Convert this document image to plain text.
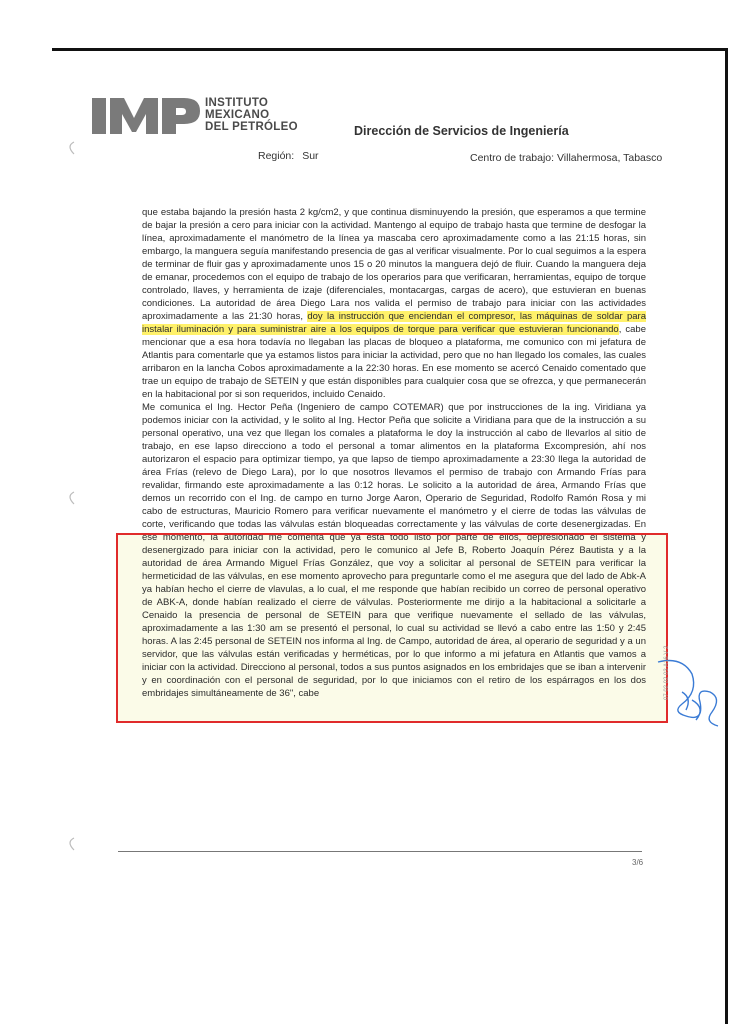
INSTITUTO
MEXICANO
DEL PETRÓLEO	Dirección de Servicios de Ingeniería
Región: Sur	Centro de trabajo: Villahermosa, Tabasco

que estaba bajando la presión hasta 2 kg/cm2, y que continua disminuyendo la presión, que esperamos a que termine de bajar la presión a cero para iniciar con la actividad. Mantengo al equipo de trabajo hasta que termine de desfogar la línea, aproximadamente el manómetro de la línea ya mascaba cero aproximadamente como a las 21:15 horas, sin embargo, la manguera seguía manifestando presencia de gas al verificar visualmente. Por lo cual seguimos a la espera de terminar de fluir gas y aproximadamente unos 15 o 20 minutos la manguera dejó de fluir. Cuando la manguera deja de emanar, procedemos con el equipo de trabajo de los operarios para que verificaran, herramientas, equipo de torque controlado, llaves, y herramienta de izaje (diferenciales, montacargas, cargas de acero), que estuvieran en buenas condiciones. La autoridad de área Diego Lara nos valida el permiso de trabajo para iniciar con las actividades aproximadamente a las 21:30 horas, doy la instrucción que enciendan el compresor, las máquinas de soldar para instalar iluminación y para suministrar aire a los equipos de torque para verificar que estuvieran funcionando, cabe mencionar que a esa hora todavía no llegaban las placas de bloqueo a plataforma, me comunico con mi jefatura de Atlantis para comentarle que ya estamos listos para iniciar la actividad, pero que no han llegado los comales, las cuales arribaron en la lancha Cobos aproximadamente a la 22:30 horas. En ese momento se acercó Cenaido comentado que trae un equipo de trabajo de SETEIN y que están disponibles para cualquier cosa que se ofrezca, y que permanecerán en la habitacional por si son requeridos, incluido Cenaido.

Me comunica el Ing. Hector Peña (Ingeniero de campo COTEMAR) que por instrucciones de la ing. Viridiana ya podemos iniciar con la actividad, y le solito al Ing. Hector Peña que solicite a Viridiana para que de la instrucción a su personal operativo, una vez que llegan los comales a plataforma le doy la instrucción al cabo de llevarlos al sitio de trabajo, en ese lapso direcciono a todo el personal a tomar alimentos en la plataforma Excompresión, ahí nos autorizaron el espacio para optimizar tiempo, ya que lapso de tiempo aproximadamente a 23:30 llega la autoridad de área Frías (relevo de Diego Lara), por lo que nosotros llevamos el permiso de trabajo con Armando Frías para revalidar, firmando este aproximadamente a las 0:12 horas. Le solicito a la autoridad de área, Armando Frías que demos un recorrido con el Ing. de campo en turno Jorge Aaron, Operario de Seguridad, Rodolfo Ramón Rosa y mi cabo de estructuras, Mauricio Romero para verificar nuevamente el manómetro y el cierre de todas las válvulas de corte, verificando que todas las válvulas están bloqueadas correctamente y las válvulas de corte desenergizadas. En ese momento, la autoridad me comenta que ya está todo listo por parte de ellos, depresionado el sistema y desenergizado para iniciar con la actividad, pero le comunico al Jefe B, Roberto Joaquín Pérez Bautista y a la autoridad de área Armando Miguel Frías González, que voy a solicitar al personal de SETEIN para verificar la hermeticidad de las válvulas, en ese momento aprovecho para preguntarle como el me asegura que del lado de Abk-A ya habían hecho el cierre de vlavulas, a lo cual, el me responde que habían recibido un correo de personal operativo de ABK-A, donde habían realizado el cierre de válvulas. Posteriormente me dirijo a la habitacional a solicitarle a Cenaido la presencia de personal de SETEIN para que verifique nuevamente el sellado de las válvulas, aproximadamente a las 1:30 am se presentó el personal, lo cual su actividad se llevó a cabo entre las 1:50 y 2:45 horas. A las 2:45 personal de SETEIN nos informa al Ing. de Campo, autoridad de área, al operario de seguridad y a un servidor, que las válvulas están verificadas y herméticas, por lo que informo a mi jefatura en Atlantis que vamos a iniciar con la actividad. Direcciono al personal, todos a sus puntos asignados en los embridajes que se iban a intervenir y en coordinación con el personal de seguridad, por lo que iniciamos con el retiro de los espárragos en los dos embridajes simultáneamente de 36", cabe	07 02 02 03 A16 V 2
3/6
